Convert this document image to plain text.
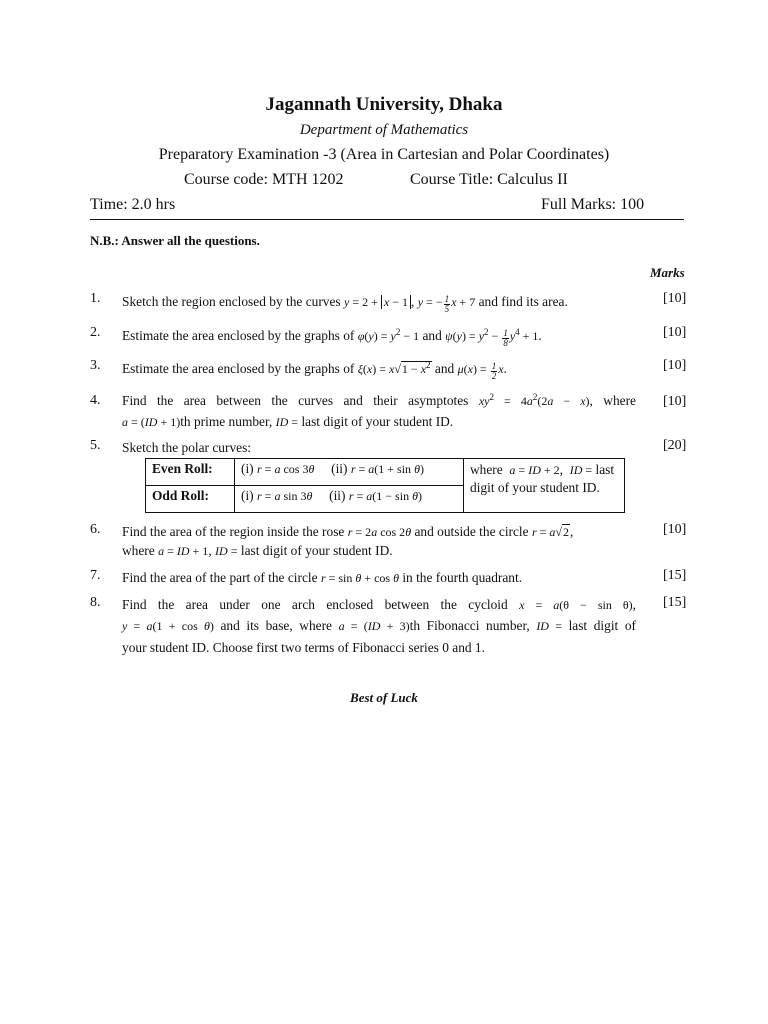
Jagannath University, Dhaka
Department of Mathematics
Preparatory Examination -3 (Area in Cartesian and Polar Coordinates)
Course code: MTH 1202	Course Title: Calculus II
Time: 2.0 hrs	Full Marks: 100
N.B.: Answer all the questions.
Marks
1. Sketch the region enclosed by the curves y = 2 + x − 1 , y = − $\frac{1}{5}$ x + 7 and find its area.	[10]
2. Estimate the area enclosed by the graphs of $\varphi(y) = y^2 - 1$ and $\psi(y) = y^2 - \frac{1}{8} y^4 + 1$.	[10]
3. Estimate the area enclosed by the graphs of $\xi(x) = x√1 - x^2$ and $\mu(x) = \frac{1}{2} x$.	[10]
4. Find the area between the curves and their asymptotes $xy^2 = 4a^2(2a - x)$, where
a = (ID + 1)th prime number, ID = last digit of your student ID.
[10]
5. Sketch the polar curves:	[20]
Even Roll:	(i) r = a cos 3θ (ii) r = a(1 + sin θ)	where a = ID + 2,  ID = last digit of your student ID.
Odd Roll:	(i) r = a sin 3θ (ii) r = a(1 − sin θ)	
6. Find the area of the region inside the rose r = 2a cos 2θ and outside the circle r = a√2,
where a = ID + 1, ID = last digit of your student ID.
[10]
7. Find the area of the part of the circle r = sin θ + cos θ in the fourth quadrant.	[15]
8. Find the area under one arch enclosed between the cycloid x = a(θ − sin θ),
y = a(1 + cos θ) and its base, where a = (ID + 3)th Fibonacci number, ID = last digit of
your student ID. Choose first two terms of Fibonacci series 0 and 1.
[15]
Best of Luck
